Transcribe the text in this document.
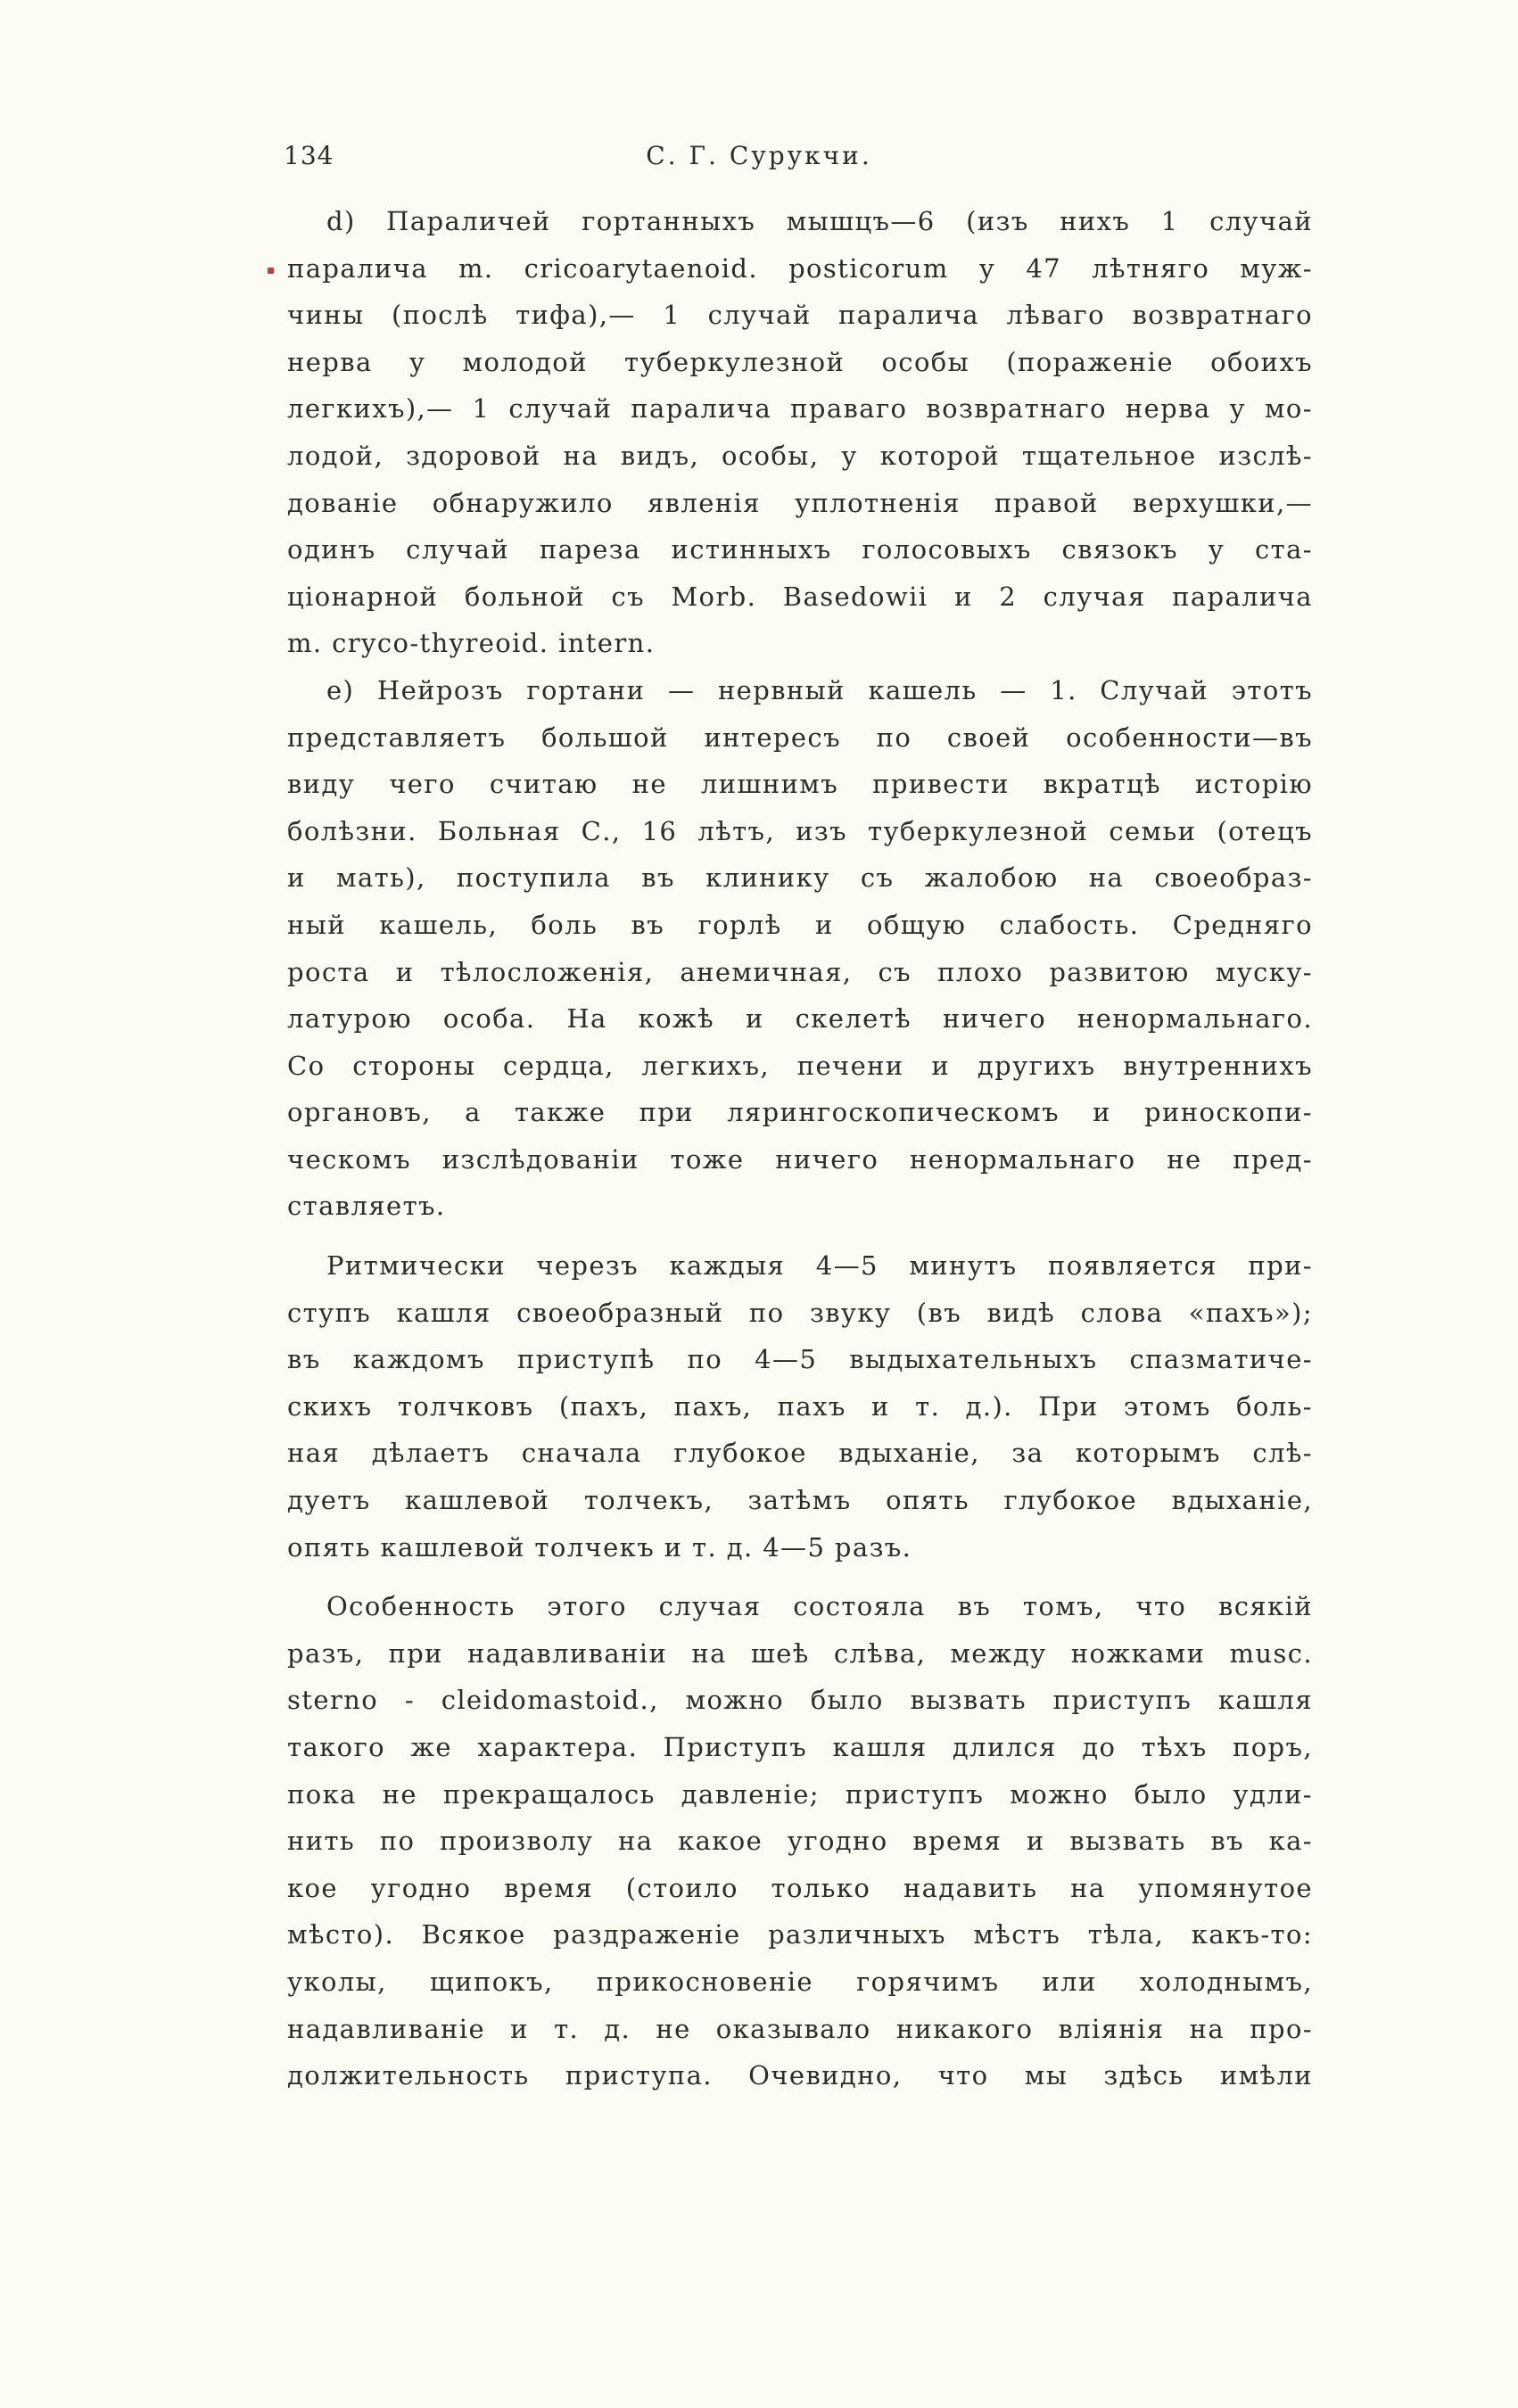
134	С. Г. Сурукчи.
d) Параличей гортанныхъ мышцъ—6 (изъ нихъ 1 случай
паралича m. cricoarytaenoid. posticorum у 47 лѣтняго муж-
чины (послѣ тифа),— 1 случай паралича лѣваго возвратнаго
нерва у молодой туберкулезной особы (пораженіе обоихъ
легкихъ),— 1 случай паралича праваго возвратнаго нерва у мо-
лодой, здоровой на видъ, особы, у которой тщательное изслѣ-
дованіе обнаружило явленія уплотненія правой верхушки,—
одинъ случай пареза истинныхъ голосовыхъ связокъ у ста-
ціонарной больной съ Morb. Basedowii и 2 случая паралича
m. cryco-thyreoid. intern.
e) Нейрозъ гортани — нервный кашель — 1. Случай этотъ
представляетъ большой интересъ по своей особенности—въ
виду чего считаю не лишнимъ привести вкратцѣ исторію
болѣзни. Больная С., 16 лѣтъ, изъ туберкулезной семьи (отецъ
и мать), поступила въ клинику съ жалобою на своеобраз-
ный кашель, боль въ горлѣ и общую слабость. Средняго
роста и тѣлосложенія, анемичная, съ плохо развитою муску-
латурою особа. На кожѣ и скелетѣ ничего ненормальнаго.
Со стороны сердца, легкихъ, печени и другихъ внутреннихъ
органовъ, а также при лярингоскопическомъ и риноскопи-
ческомъ изслѣдованіи тоже ничего ненормальнаго не пред-
ставляетъ.
Ритмически черезъ каждыя 4—5 минутъ появляется при-
ступъ кашля своеобразный по звуку (въ видѣ слова «пахъ»);
въ каждомъ приступѣ по 4—5 выдыхательныхъ спазматиче-
скихъ толчковъ (пахъ, пахъ, пахъ и т. д.). При этомъ боль-
ная дѣлаетъ сначала глубокое вдыханіе, за которымъ слѣ-
дуетъ кашлевой толчекъ, затѣмъ опять глубокое вдыханіе,
опять кашлевой толчекъ и т. д. 4—5 разъ.
Особенность этого случая состояла въ томъ, что всякій
разъ, при надавливаніи на шеѣ слѣва, между ножками musc.
sterno - cleidomastoid., можно было вызвать приступъ кашля
такого же характера. Приступъ кашля длился до тѣхъ поръ,
пока не прекращалось давленіе; приступъ можно было удли-
нить по произволу на какое угодно время и вызвать въ ка-
кое угодно время (стоило только надавить на упомянутое
мѣсто). Всякое раздраженіе различныхъ мѣстъ тѣла, какъ-то:
уколы, щипокъ, прикосновеніе горячимъ или холоднымъ,
надавливаніе и т. д. не оказывало никакого вліянія на про-
должительность приступа. Очевидно, что мы здѣсь имѣли
